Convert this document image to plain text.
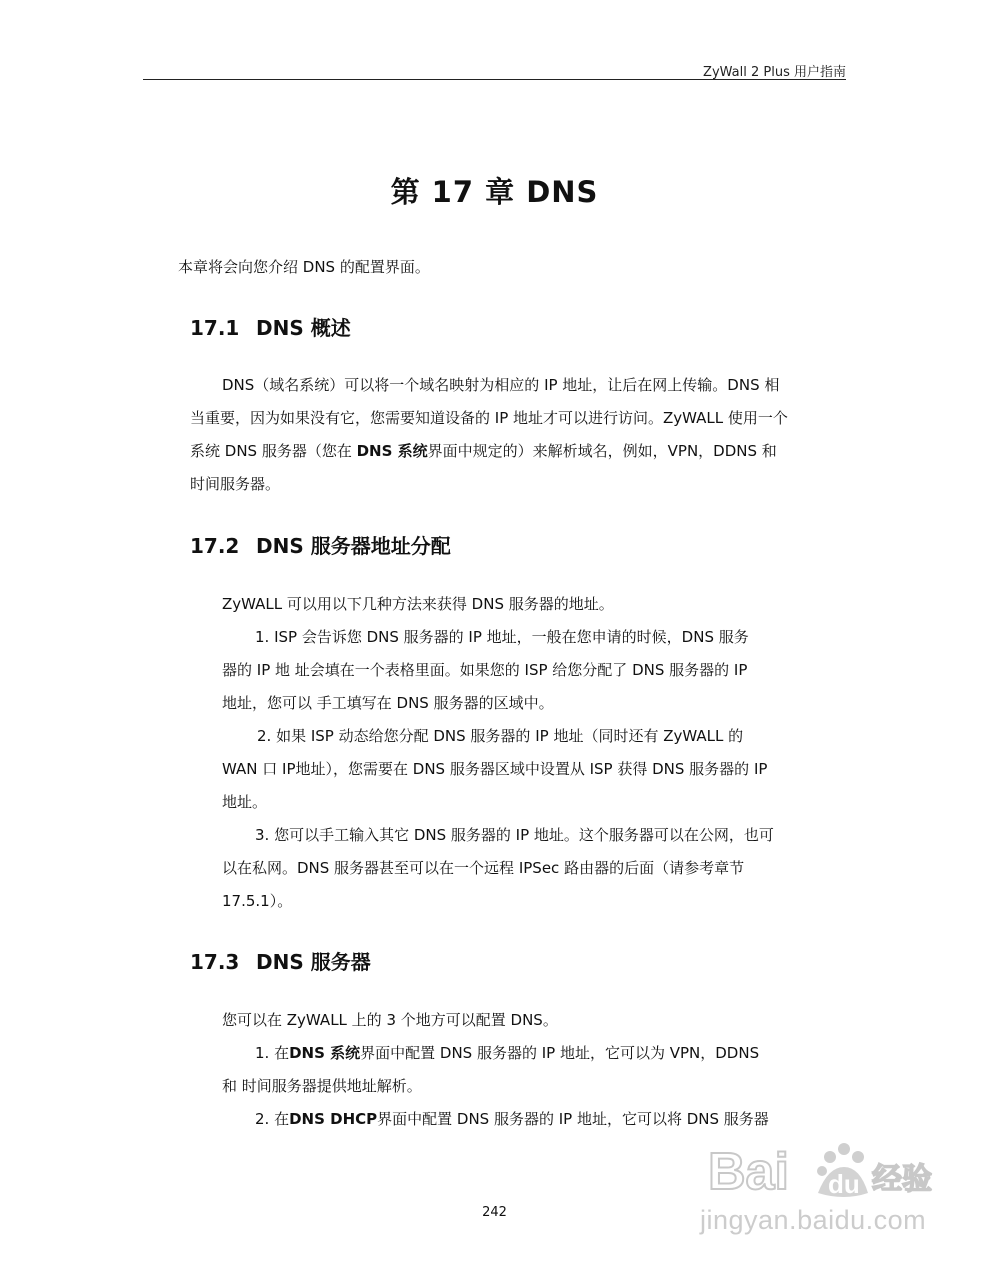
ZyWall 2 Plus 用户指南
第 17 章 DNS

本章将会向您介绍 DNS 的配置界面。

17.1 DNS 概述

DNS（域名系统）可以将一个域名映射为相应的 IP 地址，让后在网上传输。DNS 相

当重要，因为如果没有它，您需要知道设备的 IP 地址才可以进行访问。ZyWALL 使用一个

系统 DNS 服务器（您在 DNS 系统界面中规定的）来解析域名，例如，VPN，DDNS 和

时间服务器。

17.2 DNS 服务器地址分配

ZyWALL 可以用以下几种方法来获得 DNS 服务器的地址。

1. ISP 会告诉您 DNS 服务器的 IP 地址，一般在您申请的时候，DNS 服务

器的 IP 地 址会填在一个表格里面。如果您的 ISP 给您分配了 DNS 服务器的 IP

地址，您可以 手工填写在 DNS 服务器的区域中。

2. 如果 ISP 动态给您分配 DNS 服务器的 IP 地址（同时还有 ZyWALL 的

WAN 口 IP地址），您需要在 DNS 服务器区域中设置从 ISP 获得 DNS 服务器的 IP

地址。

3. 您可以手工输入其它 DNS 服务器的 IP 地址。这个服务器可以在公网，也可

以在私网。DNS 服务器甚至可以在一个远程 IPSec 路由器的后面（请参考章节

17.5.1）。

17.3 DNS 服务器

您可以在 ZyWALL 上的 3 个地方可以配置 DNS。

1. 在DNS 系统界面中配置 DNS 服务器的 IP 地址，它可以为 VPN，DDNS

和 时间服务器提供地址解析。

2. 在DNS DHCP界面中配置 DNS 服务器的 IP 地址，它可以将 DNS 服务器

242
Bai du 经验
jingyan.baidu.com
